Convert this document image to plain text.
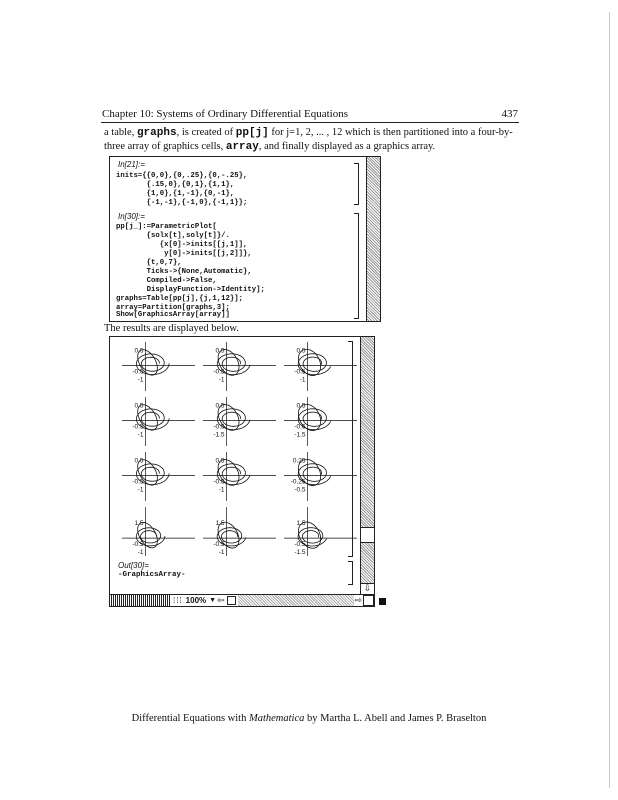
Chapter 10: Systems of Ordinary Differential Equations	437
a table, graphs, is created of pp[j] for j=1, 2, ... , 12 which is then partitioned into a four-by-three array of graphics cells, array, and finally displayed as a graphics array.
In[21]:=
inits={{0,0},{0,.25},{0,-.25},
{.15,0},{0,1},{1,1},
{1,0},{1,-1},{0,-1},
{-1,-1},{-1,0},{-1,1}};
In[30]:=
pp[j_]:=ParametricPlot[
{solx[t],soly[t]}/.
{x[0]->inits[[j,1]],
y[0]->inits[[j,2]]},
{t,0,7},
Ticks->{None,Automatic},
Compiled->False,
DisplayFunction->Identity];
graphs=Table[pp[j],{j,1,12}];
array=Partition[graphs,3];
Show[GraphicsArray[array]]
The results are displayed below.
0.5
-0.5
-1
0.5
-0.5
-1
0.5
-0.5
-1
0.5
-0.5
-1
0.5
-0.5
-1.5
0.5
-0.5
-1.5
0.5
-0.5
-1
0.5
-0.5
-1
0.25
-0.25
-0.5
1.5
-0.5
-1
1.5
-0.5
-1
1.5
-0.5
-1.5
Out[30]=
-GraphicsArray-
⇩
⁞⁞⁞ 100% ▼ ⇦	⇨
Differential Equations with Mathematica by Martha L. Abell and James P. Braselton
